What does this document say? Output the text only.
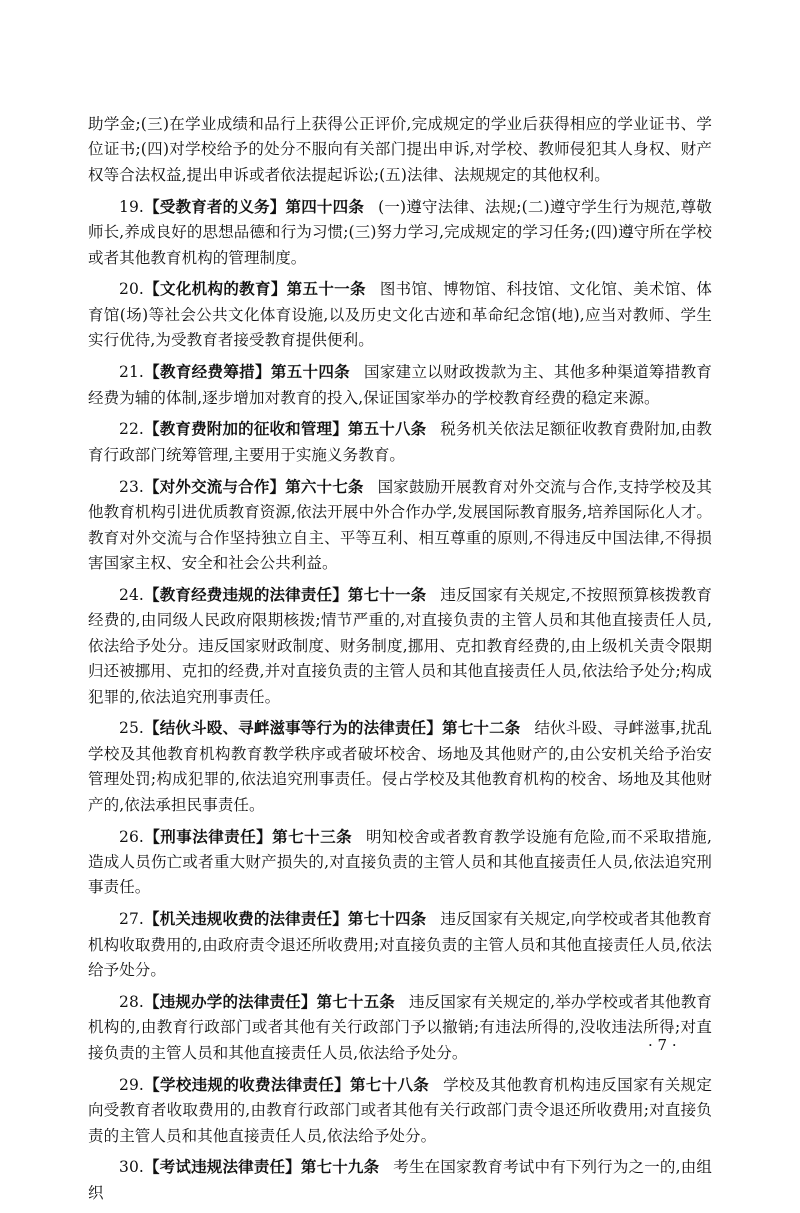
助学金;(三)在学业成绩和品行上获得公正评价,完成规定的学业后获得相应的学业证书、学位证书;(四)对学校给予的处分不服向有关部门提出申诉,对学校、教师侵犯其人身权、财产权等合法权益,提出申诉或者依法提起诉讼;(五)法律、法规规定的其他权利。

19.【受教育者的义务】第四十四条 (一)遵守法律、法规;(二)遵守学生行为规范,尊敬师长,养成良好的思想品德和行为习惯;(三)努力学习,完成规定的学习任务;(四)遵守所在学校或者其他教育机构的管理制度。

20.【文化机构的教育】第五十一条 图书馆、博物馆、科技馆、文化馆、美术馆、体育馆(场)等社会公共文化体育设施,以及历史文化古迹和革命纪念馆(地),应当对教师、学生实行优待,为受教育者接受教育提供便利。

21.【教育经费筹措】第五十四条 国家建立以财政拨款为主、其他多种渠道筹措教育经费为辅的体制,逐步增加对教育的投入,保证国家举办的学校教育经费的稳定来源。

22.【教育费附加的征收和管理】第五十八条 税务机关依法足额征收教育费附加,由教育行政部门统筹管理,主要用于实施义务教育。

23.【对外交流与合作】第六十七条 国家鼓励开展教育对外交流与合作,支持学校及其他教育机构引进优质教育资源,依法开展中外合作办学,发展国际教育服务,培养国际化人才。教育对外交流与合作坚持独立自主、平等互利、相互尊重的原则,不得违反中国法律,不得损害国家主权、安全和社会公共利益。

24.【教育经费违规的法律责任】第七十一条 违反国家有关规定,不按照预算核拨教育经费的,由同级人民政府限期核拨;情节严重的,对直接负责的主管人员和其他直接责任人员,依法给予处分。违反国家财政制度、财务制度,挪用、克扣教育经费的,由上级机关责令限期归还被挪用、克扣的经费,并对直接负责的主管人员和其他直接责任人员,依法给予处分;构成犯罪的,依法追究刑事责任。

25.【结伙斗殴、寻衅滋事等行为的法律责任】第七十二条 结伙斗殴、寻衅滋事,扰乱学校及其他教育机构教育教学秩序或者破坏校舍、场地及其他财产的,由公安机关给予治安管理处罚;构成犯罪的,依法追究刑事责任。侵占学校及其他教育机构的校舍、场地及其他财产的,依法承担民事责任。

26.【刑事法律责任】第七十三条 明知校舍或者教育教学设施有危险,而不采取措施,造成人员伤亡或者重大财产损失的,对直接负责的主管人员和其他直接责任人员,依法追究刑事责任。

27.【机关违规收费的法律责任】第七十四条 违反国家有关规定,向学校或者其他教育机构收取费用的,由政府责令退还所收费用;对直接负责的主管人员和其他直接责任人员,依法给予处分。

28.【违规办学的法律责任】第七十五条 违反国家有关规定的,举办学校或者其他教育机构的,由教育行政部门或者其他有关行政部门予以撤销;有违法所得的,没收违法所得;对直接负责的主管人员和其他直接责任人员,依法给予处分。

29.【学校违规的收费法律责任】第七十八条 学校及其他教育机构违反国家有关规定向受教育者收取费用的,由教育行政部门或者其他有关行政部门责令退还所收费用;对直接负责的主管人员和其他直接责任人员,依法给予处分。

30.【考试违规法律责任】第七十九条 考生在国家教育考试中有下列行为之一的,由组织

· 7 ·
